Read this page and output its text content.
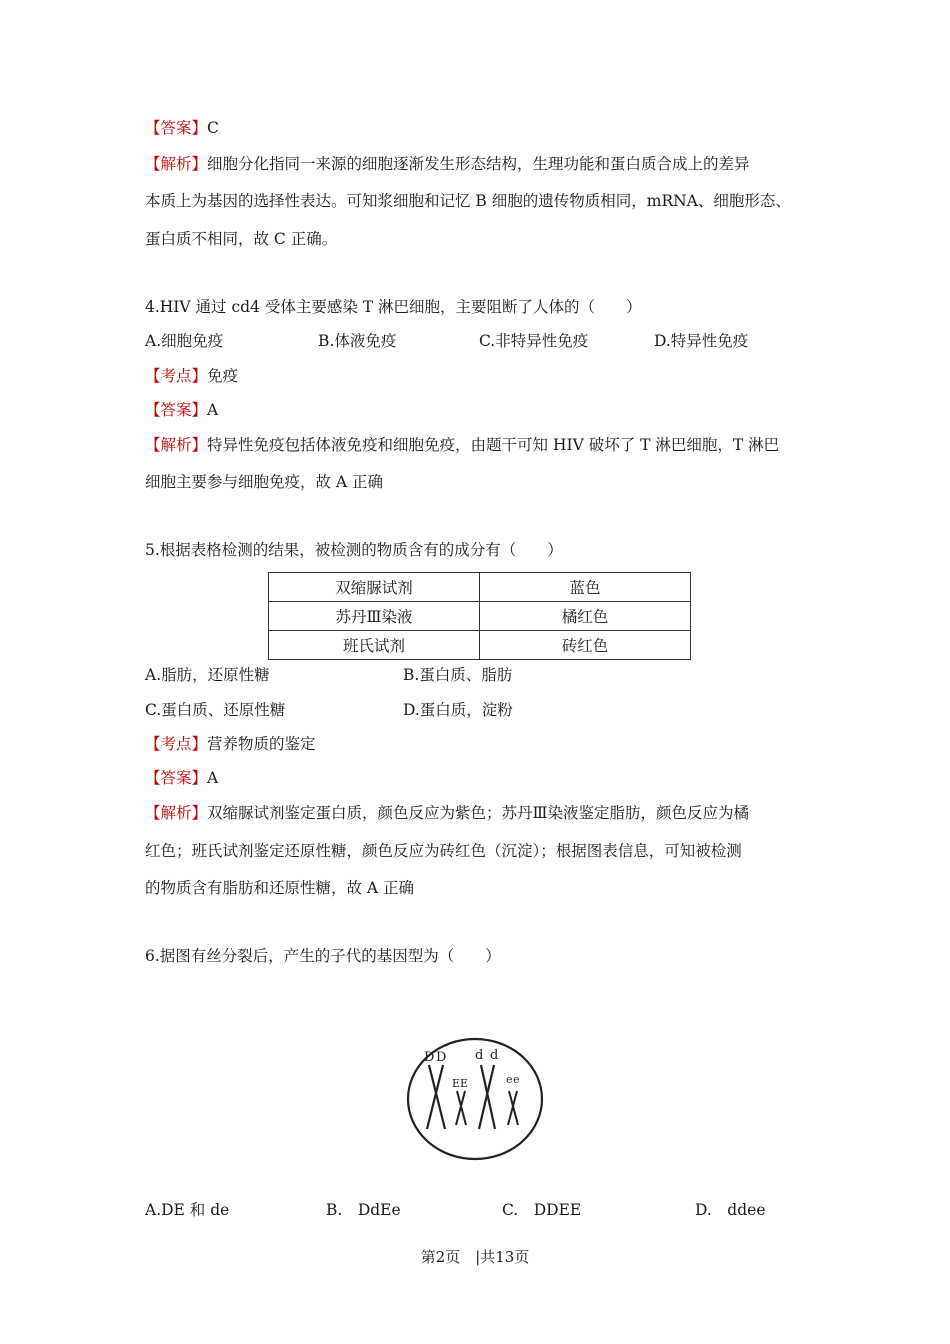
【答案】C
【解析】细胞分化指同一来源的细胞逐渐发生形态结构，生理功能和蛋白质合成上的差异
本质上为基因的选择性表达。可知浆细胞和记忆 B 细胞的遗传物质相同，mRNA、细胞形态、
蛋白质不相同，故 C 正确。
4.HIV 通过 cd4 受体主要感染 T 淋巴细胞，主要阻断了人体的（　　）
A.细胞免疫	B.体液免疫	C.非特异性免疫	D.特异性免疫
【考点】免疫
【答案】A
【解析】特异性免疫包括体液免疫和细胞免疫，由题干可知 HIV 破坏了 T 淋巴细胞，T 淋巴
细胞主要参与细胞免疫，故 A 正确
5.根据表格检测的结果，被检测的物质含有的成分有（　　）
双缩脲试剂	蓝色
苏丹Ⅲ染液	橘红色
班氏试剂	砖红色
A.脂肪，还原性糖	B.蛋白质、脂肪
C.蛋白质、还原性糖	D.蛋白质，淀粉
【考点】营养物质的鉴定
【答案】A
【解析】双缩脲试剂鉴定蛋白质，颜色反应为紫色；苏丹Ⅲ染液鉴定脂肪，颜色反应为橘
红色；班氏试剂鉴定还原性糖，颜色反应为砖红色（沉淀）；根据图表信息，可知被检测
的物质含有脂肪和还原性糖，故 A 正确
6.据图有丝分裂后，产生的子代的基因型为（　　）
D D
E E
d d
e e
A.DE 和 de	B.　DdEe	C.　DDEE	D.　ddee
第2页　|共13页
